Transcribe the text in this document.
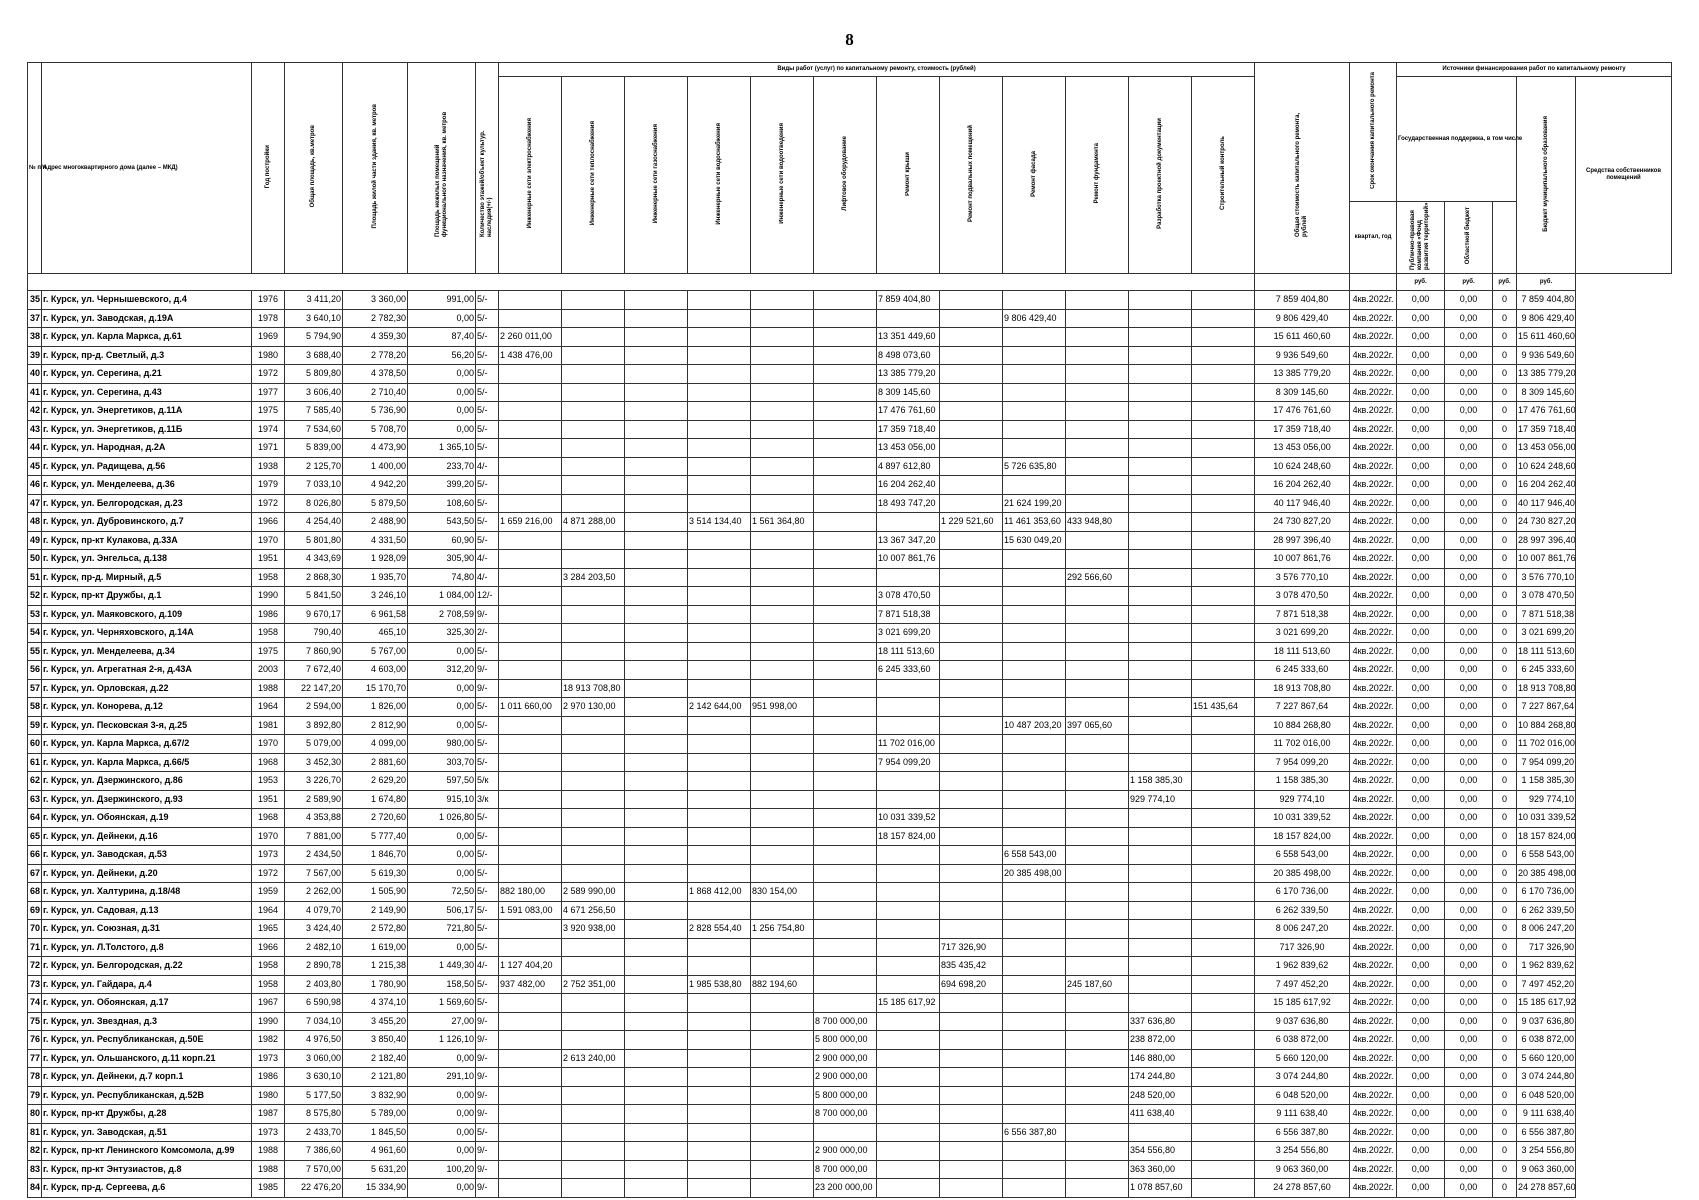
8
№ п/п	Адрес многоквартирного дома (далее – МКД)	Год постройки	Общая площадь, кв.метров	Площадь жилой части здания, кв. метров	Площадь нежилых помещений функционального назначения, кв. метров	Количество этажей/объект культур. наследия(+/-)	Виды работ (услуг) по капитальному ремонту, стоимость (рублей)												Общая стоимость капитального ремонта, рублей	Срок окончания капитального ремонта	Источники финансирования работ по капитальному ремонту				
							Инженерные сети электроснабжения	Инженерные сети теплоснабжения	Инженерные сети газоснабжения	Инженерные сети водоснабжения	Инженерные сети водоотведения	Лифтовое оборудование	Ремонт крыши	Ремонт подвальных помещений	Ремонт фасада	Ремонт фундамента	Разработка проектной документации	Строительный контроль			Государственная поддержка, в том числе			Бюджет муниципального образования	Средства собственников помещений
																				квартал, год	Публично-правовая компания «Фонд развития территорий»	Областной бюджет			
																					руб.	руб.	руб.	руб.	
35	г. Курск, ул. Чернышевского, д.4	1976	3 411,20	3 360,00	991,00	5/-							7 859 404,80						7 859 404,80	4кв.2022г.	0,00	0,00	0	7 859 404,80	
37	г. Курск, ул. Заводская, д.19А	1978	3 640,10	2 782,30	0,00	5/-									9 806 429,40				9 806 429,40	4кв.2022г.	0,00	0,00	0	9 806 429,40	
38	г. Курск, ул. Карла Маркса, д.61	1969	5 794,90	4 359,30	87,40	5/-	2 260 011,00						13 351 449,60						15 611 460,60	4кв.2022г.	0,00	0,00	0	15 611 460,60	
39	г. Курск, пр-д. Светлый, д.3	1980	3 688,40	2 778,20	56,20	5/-	1 438 476,00						8 498 073,60						9 936 549,60	4кв.2022г.	0,00	0,00	0	9 936 549,60	
40	г. Курск, ул. Серегина, д.21	1972	5 809,80	4 378,50	0,00	5/-							13 385 779,20						13 385 779,20	4кв.2022г.	0,00	0,00	0	13 385 779,20	
41	г. Курск, ул. Серегина, д.43	1977	3 606,40	2 710,40	0,00	5/-							8 309 145,60						8 309 145,60	4кв.2022г.	0,00	0,00	0	8 309 145,60	
42	г. Курск, ул. Энергетиков, д.11А	1975	7 585,40	5 736,90	0,00	5/-							17 476 761,60						17 476 761,60	4кв.2022г.	0,00	0,00	0	17 476 761,60	
43	г. Курск, ул. Энергетиков, д.11Б	1974	7 534,60	5 708,70	0,00	5/-							17 359 718,40						17 359 718,40	4кв.2022г.	0,00	0,00	0	17 359 718,40	
44	г. Курск, ул. Народная, д.2А	1971	5 839,00	4 473,90	1 365,10	5/-							13 453 056,00						13 453 056,00	4кв.2022г.	0,00	0,00	0	13 453 056,00	
45	г. Курск, ул. Радищева, д.56	1938	2 125,70	1 400,00	233,70	4/-							4 897 612,80		5 726 635,80				10 624 248,60	4кв.2022г.	0,00	0,00	0	10 624 248,60	
46	г. Курск, ул. Менделеева, д.36	1979	7 033,10	4 942,20	399,20	5/-							16 204 262,40						16 204 262,40	4кв.2022г.	0,00	0,00	0	16 204 262,40	
47	г. Курск, ул. Белгородская, д.23	1972	8 026,80	5 879,50	108,60	5/-							18 493 747,20		21 624 199,20				40 117 946,40	4кв.2022г.	0,00	0,00	0	40 117 946,40	
48	г. Курск, ул. Дубровинского, д.7	1966	4 254,40	2 488,90	543,50	5/-	1 659 216,00	4 871 288,00		3 514 134,40	1 561 364,80			1 229 521,60	11 461 353,60	433 948,80			24 730 827,20	4кв.2022г.	0,00	0,00	0	24 730 827,20	
49	г. Курск, пр-кт Кулакова, д.33А	1970	5 801,80	4 331,50	60,90	5/-							13 367 347,20		15 630 049,20				28 997 396,40	4кв.2022г.	0,00	0,00	0	28 997 396,40	
50	г. Курск, ул. Энгельса, д.138	1951	4 343,69	1 928,09	305,90	4/-							10 007 861,76						10 007 861,76	4кв.2022г.	0,00	0,00	0	10 007 861,76	
51	г. Курск, пр-д. Мирный, д.5	1958	2 868,30	1 935,70	74,80	4/-		3 284 203,50								292 566,60			3 576 770,10	4кв.2022г.	0,00	0,00	0	3 576 770,10	
52	г. Курск, пр-кт Дружбы, д.1	1990	5 841,50	3 246,10	1 084,00	12/-							3 078 470,50						3 078 470,50	4кв.2022г.	0,00	0,00	0	3 078 470,50	
53	г. Курск, ул. Маяковского, д.109	1986	9 670,17	6 961,58	2 708,59	9/-							7 871 518,38						7 871 518,38	4кв.2022г.	0,00	0,00	0	7 871 518,38	
54	г. Курск, ул. Черняховского, д.14А	1958	790,40	465,10	325,30	2/-							3 021 699,20						3 021 699,20	4кв.2022г.	0,00	0,00	0	3 021 699,20	
55	г. Курск, ул. Менделеева, д.34	1975	7 860,90	5 767,00	0,00	5/-							18 111 513,60						18 111 513,60	4кв.2022г.	0,00	0,00	0	18 111 513,60	
56	г. Курск, ул. Агрегатная 2-я, д.43А	2003	7 672,40	4 603,00	312,20	9/-							6 245 333,60						6 245 333,60	4кв.2022г.	0,00	0,00	0	6 245 333,60	
57	г. Курск, ул. Орловская, д.22	1988	22 147,20	15 170,70	0,00	9/-		18 913 708,80											18 913 708,80	4кв.2022г.	0,00	0,00	0	18 913 708,80	
58	г. Курск, ул. Конорева, д.12	1964	2 594,00	1 826,00	0,00	5/-	1 011 660,00	2 970 130,00		2 142 644,00	951 998,00							151 435,64	7 227 867,64	4кв.2022г.	0,00	0,00	0	7 227 867,64	
59	г. Курск, ул. Песковская 3-я, д.25	1981	3 892,80	2 812,90	0,00	5/-									10 487 203,20	397 065,60			10 884 268,80	4кв.2022г.	0,00	0,00	0	10 884 268,80	
60	г. Курск, ул. Карла Маркса, д.67/2	1970	5 079,00	4 099,00	980,00	5/-							11 702 016,00						11 702 016,00	4кв.2022г.	0,00	0,00	0	11 702 016,00	
61	г. Курск, ул. Карла Маркса, д.66/5	1968	3 452,30	2 881,60	303,70	5/-							7 954 099,20						7 954 099,20	4кв.2022г.	0,00	0,00	0	7 954 099,20	
62	г. Курск, ул. Дзержинского, д.86	1953	3 226,70	2 629,20	597,50	5/к											1 158 385,30		1 158 385,30	4кв.2022г.	0,00	0,00	0	1 158 385,30	
63	г. Курск, ул. Дзержинского, д.93	1951	2 589,90	1 674,80	915,10	3/к											929 774,10		929 774,10	4кв.2022г.	0,00	0,00	0	929 774,10	
64	г. Курск, ул. Обоянская, д.19	1968	4 353,88	2 720,60	1 026,80	5/-							10 031 339,52						10 031 339,52	4кв.2022г.	0,00	0,00	0	10 031 339,52	
65	г. Курск, ул. Дейнеки, д.16	1970	7 881,00	5 777,40	0,00	5/-							18 157 824,00						18 157 824,00	4кв.2022г.	0,00	0,00	0	18 157 824,00	
66	г. Курск, ул. Заводская, д.53	1973	2 434,50	1 846,70	0,00	5/-									6 558 543,00				6 558 543,00	4кв.2022г.	0,00	0,00	0	6 558 543,00	
67	г. Курск, ул. Дейнеки, д.20	1972	7 567,00	5 619,30	0,00	5/-									20 385 498,00				20 385 498,00	4кв.2022г.	0,00	0,00	0	20 385 498,00	
68	г. Курск, ул. Халтурина, д.18/48	1959	2 262,00	1 505,90	72,50	5/-	882 180,00	2 589 990,00		1 868 412,00	830 154,00								6 170 736,00	4кв.2022г.	0,00	0,00	0	6 170 736,00	
69	г. Курск, ул. Садовая, д.13	1964	4 079,70	2 149,90	506,17	5/-	1 591 083,00	4 671 256,50											6 262 339,50	4кв.2022г.	0,00	0,00	0	6 262 339,50	
70	г. Курск, ул. Союзная, д.31	1965	3 424,40	2 572,80	721,80	5/-		3 920 938,00		2 828 554,40	1 256 754,80								8 006 247,20	4кв.2022г.	0,00	0,00	0	8 006 247,20	
71	г. Курск, ул. Л.Толстого, д.8	1966	2 482,10	1 619,00	0,00	5/-								717 326,90					717 326,90	4кв.2022г.	0,00	0,00	0	717 326,90	
72	г. Курск, ул. Белгородская, д.22	1958	2 890,78	1 215,38	1 449,30	4/-	1 127 404,20							835 435,42					1 962 839,62	4кв.2022г.	0,00	0,00	0	1 962 839,62	
73	г. Курск, ул. Гайдара, д.4	1958	2 403,80	1 780,90	158,50	5/-	937 482,00	2 752 351,00		1 985 538,80	882 194,60			694 698,20		245 187,60			7 497 452,20	4кв.2022г.	0,00	0,00	0	7 497 452,20	
74	г. Курск, ул. Обоянская, д.17	1967	6 590,98	4 374,10	1 569,60	5/-							15 185 617,92						15 185 617,92	4кв.2022г.	0,00	0,00	0	15 185 617,92	
75	г. Курск, ул. Звездная, д.3	1990	7 034,10	3 455,20	27,00	9/-						8 700 000,00					337 636,80		9 037 636,80	4кв.2022г.	0,00	0,00	0	9 037 636,80	
76	г. Курск, ул. Республиканская, д.50Е	1982	4 976,50	3 850,40	1 126,10	9/-						5 800 000,00					238 872,00		6 038 872,00	4кв.2022г.	0,00	0,00	0	6 038 872,00	
77	г. Курск, ул. Ольшанского, д.11 корп.21	1973	3 060,00	2 182,40	0,00	9/-		2 613 240,00				2 900 000,00					146 880,00		5 660 120,00	4кв.2022г.	0,00	0,00	0	5 660 120,00	
78	г. Курск, ул. Дейнеки, д.7 корп.1	1986	3 630,10	2 121,80	291,10	9/-						2 900 000,00					174 244,80		3 074 244,80	4кв.2022г.	0,00	0,00	0	3 074 244,80	
79	г. Курск, ул. Республиканская, д.52В	1980	5 177,50	3 832,90	0,00	9/-						5 800 000,00					248 520,00		6 048 520,00	4кв.2022г.	0,00	0,00	0	6 048 520,00	
80	г. Курск, пр-кт Дружбы, д.28	1987	8 575,80	5 789,00	0,00	9/-						8 700 000,00					411 638,40		9 111 638,40	4кв.2022г.	0,00	0,00	0	9 111 638,40	
81	г. Курск, ул. Заводская, д.51	1973	2 433,70	1 845,50	0,00	5/-									6 556 387,80				6 556 387,80	4кв.2022г.	0,00	0,00	0	6 556 387,80	
82	г. Курск, пр-кт Ленинского Комсомола, д.99	1988	7 386,60	4 961,60	0,00	9/-						2 900 000,00					354 556,80		3 254 556,80	4кв.2022г.	0,00	0,00	0	3 254 556,80	
83	г. Курск, пр-кт Энтузиастов, д.8	1988	7 570,00	5 631,20	100,20	9/-						8 700 000,00					363 360,00		9 063 360,00	4кв.2022г.	0,00	0,00	0	9 063 360,00	
84	г. Курск, пр-д. Сергеева, д.6	1985	22 476,20	15 334,90	0,00	9/-						23 200 000,00					1 078 857,60		24 278 857,60	4кв.2022г.	0,00	0,00	0	24 278 857,60	
